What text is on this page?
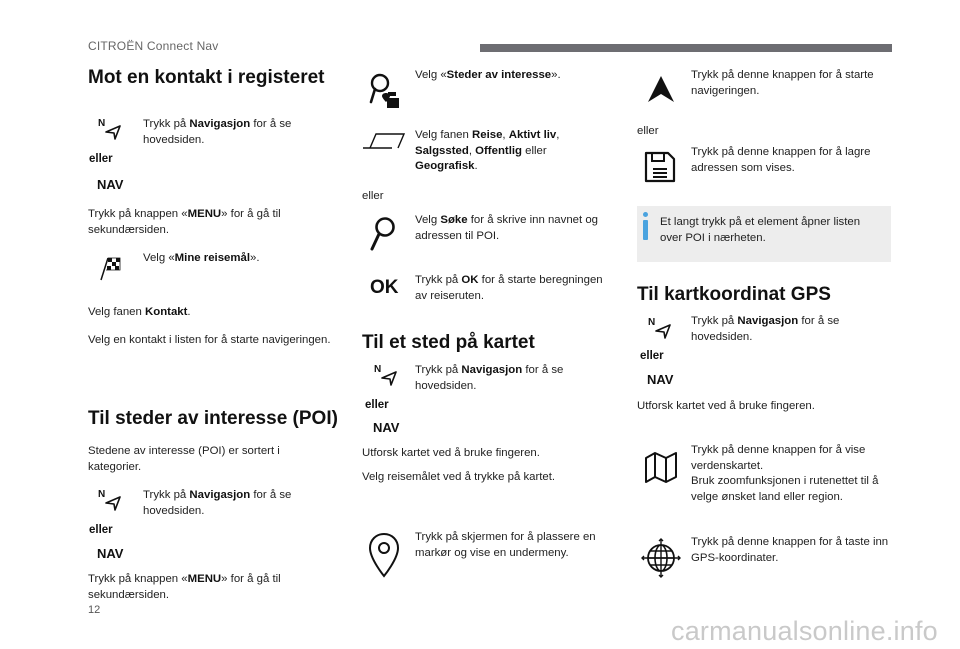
CITROËN Connect Nav
Mot en kontakt i registeret
N
eller
NAV
Trykk på Navigasjon for å se hovedsiden.
Trykk på knappen «MENU» for å gå til sekundærsiden.
Velg «Mine reisemål».
Velg fanen Kontakt.
Velg en kontakt i listen for å starte navigeringen.
Til steder av interesse (POI)
Stedene av interesse (POI) er sortert i kategorier.
N
eller
NAV
Trykk på Navigasjon for å se hovedsiden.
Trykk på knappen «MENU» for å gå til sekundærsiden.
Velg «Steder av interesse».
Velg fanen Reise, Aktivt liv, Salgssted, Offentlig eller Geografisk.
eller
Velg Søke for å skrive inn navnet og adressen til POI.
OK Trykk på OK for å starte beregningen av reiseruten.
Til et sted på kartet
N
eller
NAV
Trykk på Navigasjon for å se hovedsiden.
Utforsk kartet ved å bruke fingeren.
Velg reisemålet ved å trykke på kartet.
Trykk på skjermen for å plassere en markør og vise en undermeny.
Trykk på denne knappen for å starte navigeringen.
eller
Trykk på denne knappen for å lagre adressen som vises.
Et langt trykk på et element åpner listen over POI i nærheten.
Til kartkoordinat GPS
N
eller
NAV
Trykk på Navigasjon for å se hovedsiden.
Utforsk kartet ved å bruke fingeren.
Trykk på denne knappen for å vise verdenskartet.
Bruk zoomfunksjonen i rutenettet til å velge ønsket land eller region.
Trykk på denne knappen for å taste inn GPS-koordinater.
12
carmanualsonline.info
